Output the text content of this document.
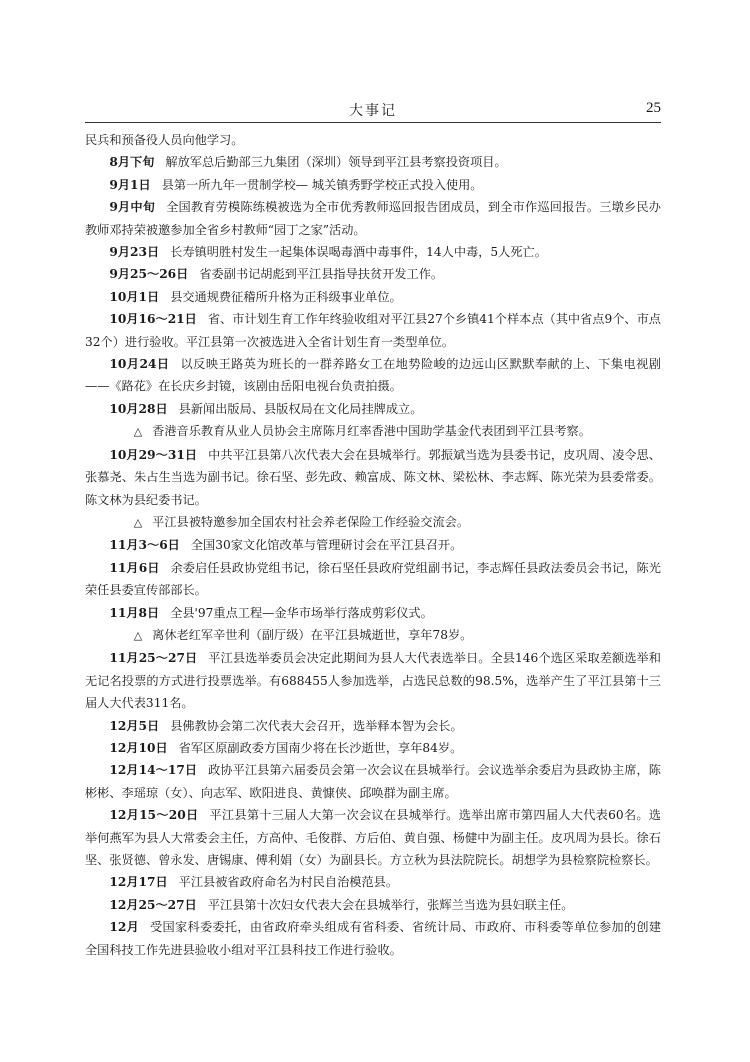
大事记	25

民兵和预备役人员向他学习。

8月下旬 解放军总后勤部三九集团（深圳）领导到平江县考察投资项目。

9月1日 县第一所九年一贯制学校— 城关镇秀野学校正式投入使用。

9月中旬 全国教育劳模陈练模被选为全市优秀教师巡回报告团成员，到全市作巡回报告。三墩乡民办教师邓持荣被邀参加全省乡村教师“园丁之家”活动。

9月23日 长寿镇明胜村发生一起集体误喝毒酒中毒事件，14人中毒，5人死亡。

9月25～26日 省委副书记胡彪到平江县指导扶贫开发工作。

10月1日 县交通规费征稽所升格为正科级事业单位。

10月16～21日 省、市计划生育工作年终验收组对平江县27个乡镇41个样本点（其中省点9个、市点32个）进行验收。平江县第一次被选进入全省计划生育一类型单位。

10月24日 以反映王路英为班长的一群养路女工在地势险峻的边远山区默默奉献的上、下集电视剧——《路花》在长庆乡封镜，该剧由岳阳电视台负责拍摄。

10月28日 县新闻出版局、县版权局在文化局挂牌成立。

△ 香港音乐教育从业人员协会主席陈月红率香港中国助学基金代表团到平江县考察。

10月29～31日 中共平江县第八次代表大会在县城举行。郭振斌当选为县委书记，皮巩周、凌令思、张慕尧、朱占生当选为副书记。徐石坚、彭先政、赖富成、陈文林、梁松林、李志辉、陈光荣为县委常委。陈文林为县纪委书记。

△ 平江县被特邀参加全国农村社会养老保险工作经验交流会。

11月3～6日 全国30家文化馆改革与管理研讨会在平江县召开。

11月6日 余委启任县政协党组书记，徐石坚任县政府党组副书记，李志辉任县政法委员会书记，陈光荣任县委宣传部部长。

11月8日 全县'97重点工程—金华市场举行落成剪彩仪式。

△ 离休老红军辛世利（副厅级）在平江县城逝世，享年78岁。

11月25～27日 平江县选举委员会决定此期间为县人大代表选举日。全县146个选区采取差额选举和无记名投票的方式进行投票选举。有688455人参加选举，占选民总数的98.5%，选举产生了平江县第十三届人大代表311名。

12月5日 县佛教协会第二次代表大会召开，选举释本智为会长。

12月10日 省军区原副政委方国南少将在长沙逝世，享年84岁。

12月14～17日 政协平江县第六届委员会第一次会议在县城举行。会议选举余委启为县政协主席，陈彬彬、李瑶琼（女）、向志军、欧阳进良、黄慷侠、邱唤群为副主席。

12月15～20日 平江县第十三届人大第一次会议在县城举行。选举出席市第四届人大代表60名。选举何燕军为县人大常委会主任，方高仲、毛俊群、方后伯、黄自强、杨健中为副主任。皮巩周为县长。徐石坚、张贤德、曾永发、唐锡康、傅利娟（女）为副县长。方立秋为县法院院长。胡想学为县检察院检察长。

12月17日 平江县被省政府命名为村民自治模范县。

12月25～27日 平江县第十次妇女代表大会在县城举行，张辉兰当选为县妇联主任。

12月 受国家科委委托，由省政府牵头组成有省科委、省统计局、市政府、市科委等单位参加的创建全国科技工作先进县验收小组对平江县科技工作进行验收。
